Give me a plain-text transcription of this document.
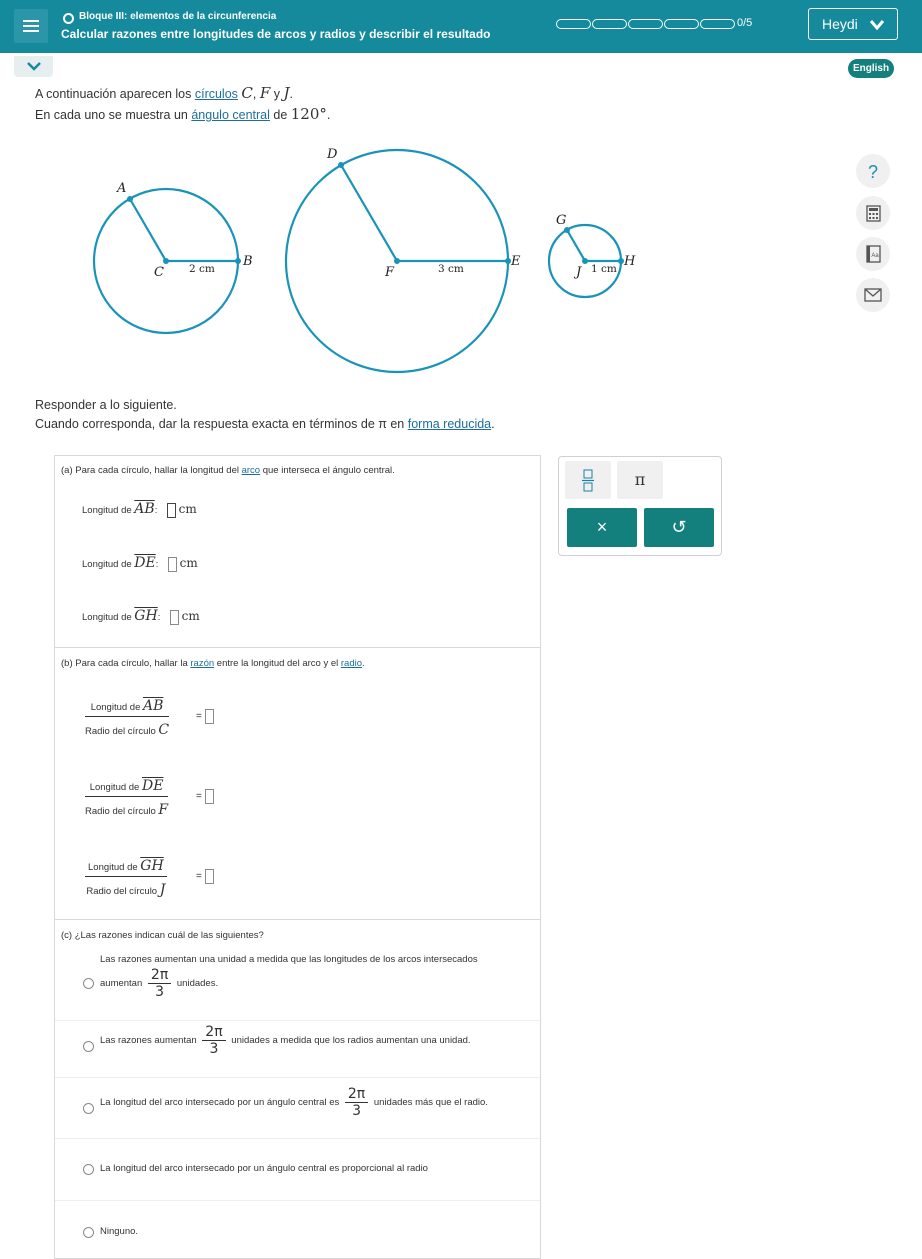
Bloque III: elementos de la circunferencia
Calcular razones entre longitudes de arcos y radios y describir el resultado
0/5	Heydi
English
?
Aa
A continuación aparecen los círculos C, F y J.
En cada uno se muestra un ángulo central de 120°.
A
B
C
D
E
F
G
H
J
2 cm	3 cm	1 cm
Responder a lo siguiente.
Cuando corresponda, dar la respuesta exacta en términos de π en forma reducida.
(a) Para cada círculo, hallar la longitud del arco que interseca el ángulo central.
Longitud de $\overline{AB}$: cm
Longitud de $\overline{DE}$: cm
Longitud de $\overline{GH}$: cm
(b) Para cada círculo, hallar la razón entre la longitud del arco y el radio.
Longitud de $\overline{AB}$
Radio del círculo C
=
Longitud de $\overline{DE}$
Radio del círculo F
=
Longitud de $\overline{GH}$
Radio del círculo J
=
(c) ¿Las razones indican cuál de las siguientes?
Las razones aumentan una unidad a medida que las longitudes de los arcos intersecados
aumentan $\frac{2\pi}{3}$ unidades.
Las razones aumentan $\frac{2\pi}{3}$ unidades a medida que los radios aumentan una unidad.
La longitud del arco intersecado por un ángulo central es $\frac{2\pi}{3}$ unidades más que el radio.
La longitud del arco intersecado por un ángulo central es proporcional al radio
Ninguno.
π
×	↺
